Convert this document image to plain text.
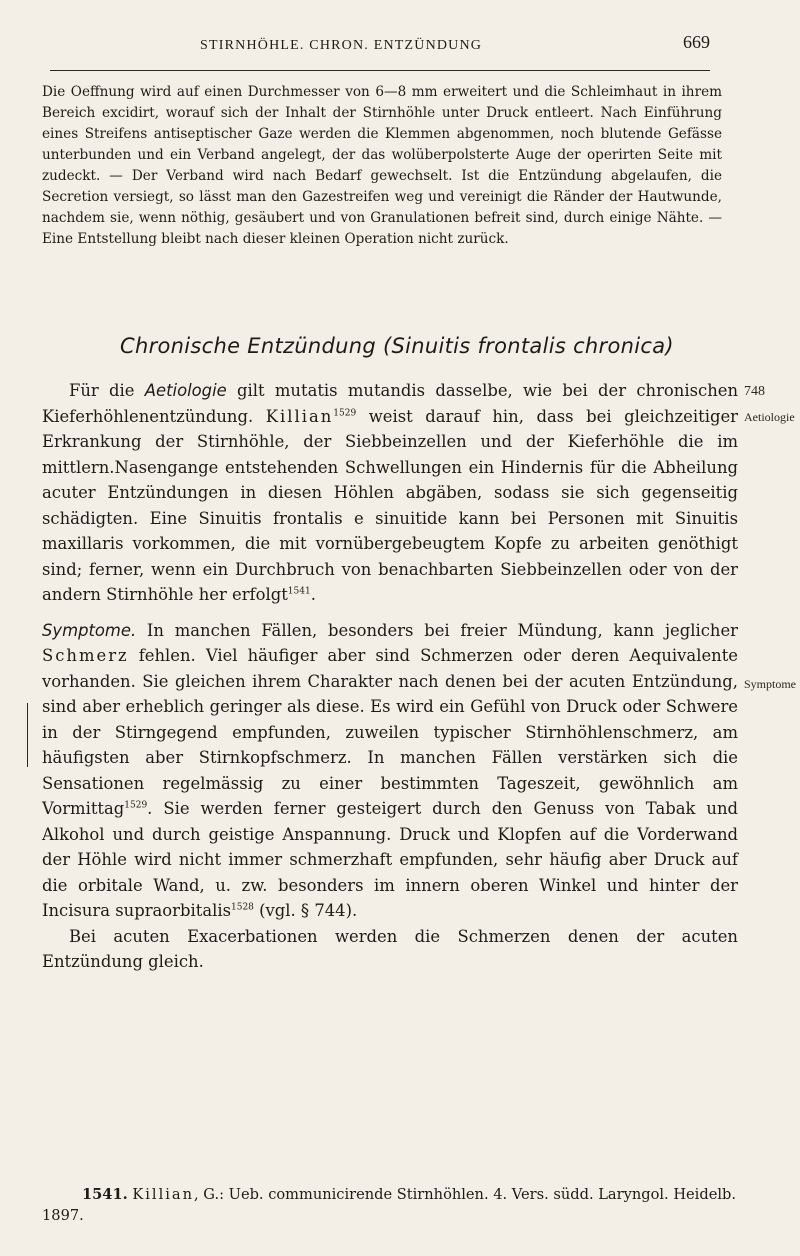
STIRNHÖHLE. CHRON. ENTZÜNDUNG	669

Die Oeffnung wird auf einen Durchmesser von 6—8 mm erweitert und die Schleimhaut in ihrem Bereich excidirt, worauf sich der Inhalt der Stirnhöhle unter Druck entleert. Nach Einführung eines Streifens antiseptischer Gaze werden die Klemmen abgenommen, noch blutende Gefässe unterbunden und ein Verband angelegt, der das wolüberpolsterte Auge der operirten Seite mit zudeckt. — Der Verband wird nach Bedarf gewechselt. Ist die Entzündung abgelaufen, die Secretion versiegt, so lässt man den Gazestreifen weg und vereinigt die Ränder der Hautwunde, nachdem sie, wenn nöthig, gesäubert und von Granulationen befreit sind, durch einige Nähte. — Eine Entstellung bleibt nach dieser kleinen Operation nicht zurück.

Chronische Entzündung (Sinuitis frontalis chronica)

Für die Aetiologie gilt mutatis mutandis dasselbe, wie bei der chronischen Kieferhöhlenentzündung. Killian$^{1529}$ weist darauf hin, dass bei gleichzeitiger Erkrankung der Stirnhöhle, der Siebbeinzellen und der Kieferhöhle die im mittlern.Nasengange entstehenden Schwellungen ein Hindernis für die Abheilung acuter Entzündungen in diesen Höhlen abgäben, sodass sie sich gegenseitig schädigten. Eine Sinuitis frontalis e sinuitide kann bei Personen mit Sinuitis maxillaris vorkommen, die mit vornübergebeugtem Kopfe zu arbeiten genöthigt sind; ferner, wenn ein Durchbruch von benachbarten Siebbeinzellen oder von der andern Stirnhöhle her erfolgt$^{1541}$.

Symptome. In manchen Fällen, besonders bei freier Mündung, kann jeglicher Schmerz fehlen. Viel häufiger aber sind Schmerzen oder deren Aequivalente vorhanden. Sie gleichen ihrem Charakter nach denen bei der acuten Entzündung, sind aber erheblich geringer als diese. Es wird ein Gefühl von Druck oder Schwere in der Stirngegend empfunden, zuweilen typischer Stirnhöhlenschmerz, am häufigsten aber Stirnkopfschmerz. In manchen Fällen verstärken sich die Sensationen regelmässig zu einer bestimmten Tageszeit, gewöhnlich am Vormittag$^{1529}$. Sie werden ferner gesteigert durch den Genuss von Tabak und Alkohol und durch geistige Anspannung. Druck und Klopfen auf die Vorderwand der Höhle wird nicht immer schmerzhaft empfunden, sehr häufig aber Druck auf die orbitale Wand, u. zw. besonders im innern oberen Winkel und hinter der Incisura supraorbitalis$^{1528}$ (vgl. § 744).

Bei acuten Exacerbationen werden die Schmerzen denen der acuten Entzündung gleich.

748
Aetiologie
Symptome

1541. Killian, G.: Ueb. communicirende Stirnhöhlen. 4. Vers. südd. Laryngol. Heidelb. 1897.
